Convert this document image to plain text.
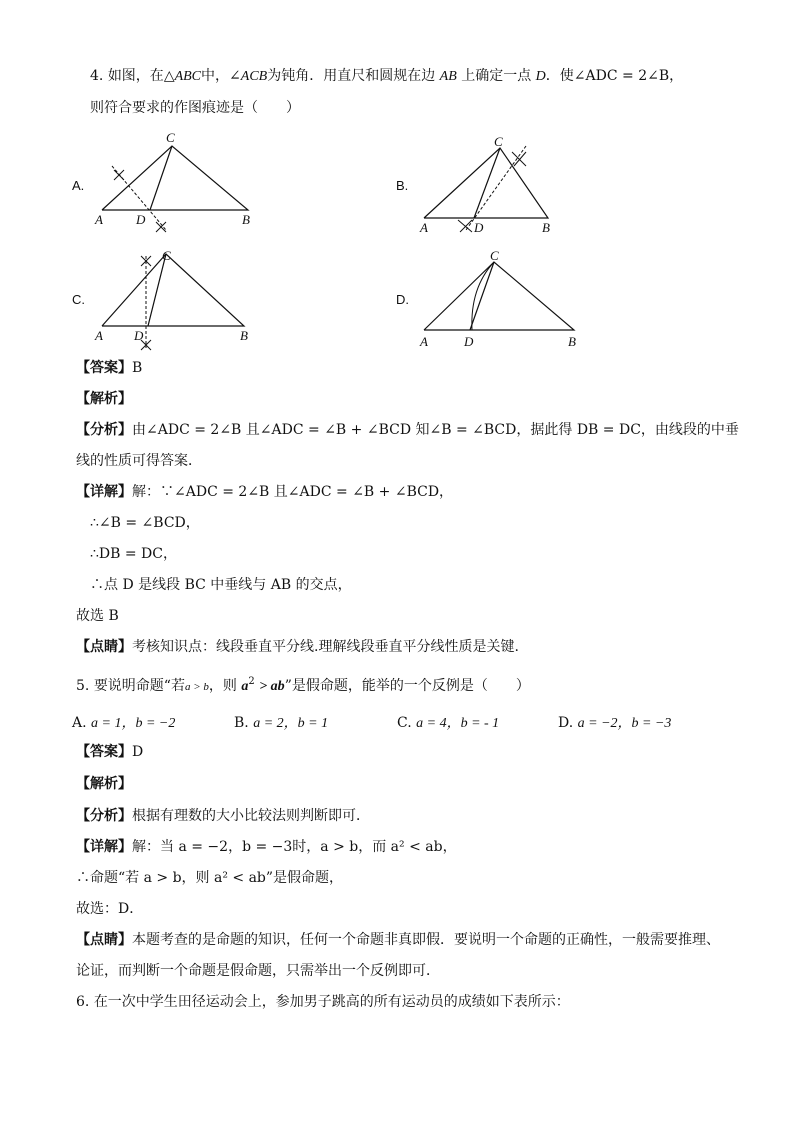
4. 如图，在△ABC中，∠ACB为钝角．用直尺和圆规在边 AB 上确定一点 D．使∠ADC = 2∠B，
则符合要求的作图痕迹是（　　）
A.
A
C
D	B
B.
A
C
D	B
C.
A
C
D	B
D.
A
C
D	B
【答案】B
【解析】
【分析】由∠ADC = 2∠B 且∠ADC = ∠B + ∠BCD 知∠B = ∠BCD，据此得 DB = DC，由线段的中垂
线的性质可得答案．
【详解】解：∵∠ADC = 2∠B 且∠ADC = ∠B + ∠BCD，
∴∠B = ∠BCD，
∴DB = DC，
∴点 D 是线段 BC 中垂线与 AB 的交点，
故选 B
【点睛】考核知识点：线段垂直平分线.理解线段垂直平分线性质是关键.
5. 要说明命题“若a > b，则 $a^2$ > ab”是假命题，能举的一个反例是（　　）
A. a = 1，b = −2	B. a = 2，b = 1	C. a = 4，b = - 1	D. a = −2，b = −3
【答案】D
【解析】
【分析】根据有理数的大小比较法则判断即可．
【详解】解：当 a = −2，b = −3时，a > b，而 a² < ab，
∴命题“若 a > b，则 a² < ab”是假命题，
故选：D．
【点睛】本题考查的是命题的知识，任何一个命题非真即假．要说明一个命题的正确性，一般需要推理、
论证，而判断一个命题是假命题，只需举出一个反例即可．
6. 在一次中学生田径运动会上，参加男子跳高的所有运动员的成绩如下表所示：
